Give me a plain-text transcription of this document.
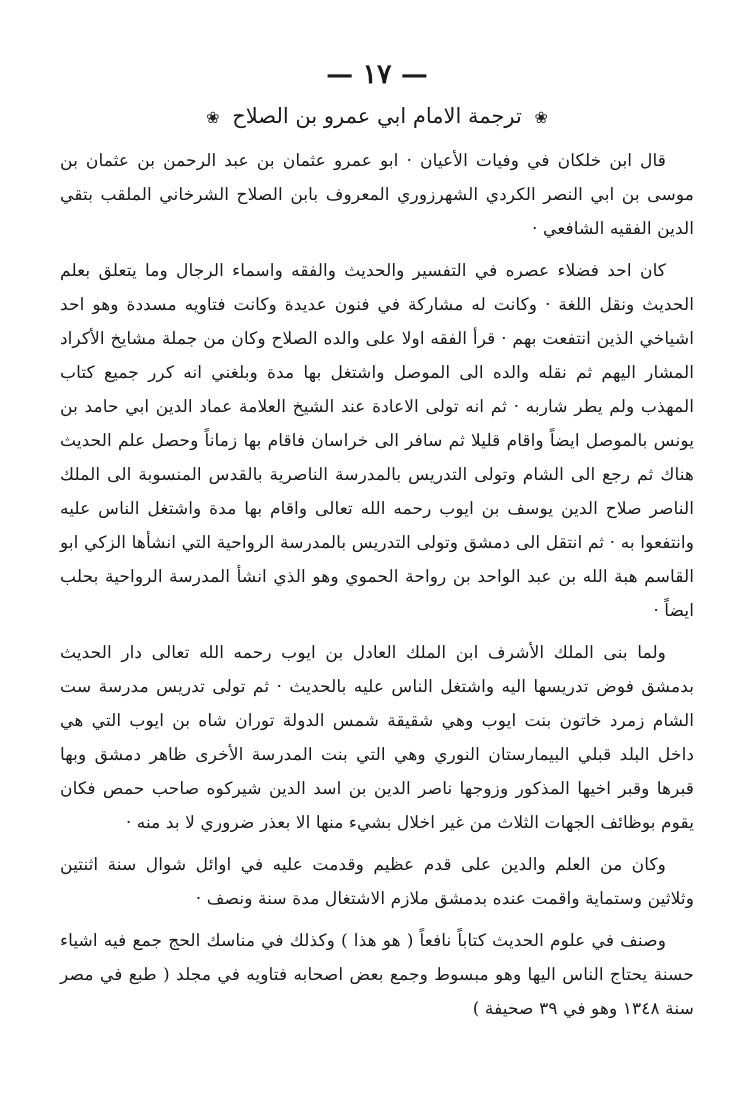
— ١٧ —
❀ ترجمة الامام ابي عمرو بن الصلاح ❀

قال ابن خلكان في وفيات الأعيان · ابو عمرو عثمان بن عبد الرحمن بن عثمان بن موسى بن ابي النصر الكردي الشهرزوري المعروف بابن الصلاح الشرخاني الملقب بتقي الدين الفقيه الشافعي ·

كان احد فضلاء عصره في التفسير والحديث والفقه واسماء الرجال وما يتعلق بعلم الحديث ونقل اللغة · وكانت له مشاركة في فنون عديدة وكانت فتاويه مسددة وهو احد اشياخي الذين انتفعت بهم · قرأ الفقه اولا على والده الصلاح وكان من جملة مشايخ الأكراد المشار اليهم ثم نقله والده الى الموصل واشتغل بها مدة وبلغني انه كرر جميع كتاب المهذب ولم يطر شاربه · ثم انه تولى الاعادة عند الشيخ العلامة عماد الدين ابي حامد بن يونس بالموصل ايضاً واقام قليلا ثم سافر الى خراسان فاقام بها زماناً وحصل علم الحديث هناك ثم رجع الى الشام وتولى التدريس بالمدرسة الناصرية بالقدس المنسوبة الى الملك الناصر صلاح الدين يوسف بن ايوب رحمه الله تعالى واقام بها مدة واشتغل الناس عليه وانتفعوا به · ثم انتقل الى دمشق وتولى التدريس بالمدرسة الرواحية التي انشأها الزكي ابو القاسم هبة الله بن عبد الواحد بن رواحة الحموي وهو الذي انشأ المدرسة الرواحية بحلب ايضاً ·

ولما بنى الملك الأشرف ابن الملك العادل بن ايوب رحمه الله تعالى دار الحديث بدمشق فوض تدريسها اليه واشتغل الناس عليه بالحديث · ثم تولى تدريس مدرسة ست الشام زمرد خاتون بنت ايوب وهي شقيقة شمس الدولة توران شاه بن ايوب التي هي داخل البلد قبلي البيمارستان النوري وهي التي بنت المدرسة الأخرى ظاهر دمشق وبها قبرها وقبر اخيها المذكور وزوجها ناصر الدين بن اسد الدين شيركوه صاحب حمص فكان يقوم بوظائف الجهات الثلاث من غير اخلال بشيء منها الا بعذر ضروري لا بد منه ·

وكان من العلم والدين على قدم عظيم وقدمت عليه في اوائل شوال سنة اثنتين وثلاثين وستماية واقمت عنده بدمشق ملازم الاشتغال مدة سنة ونصف ·

وصنف في علوم الحديث كتاباً نافعاً ( هو هذا ) وكذلك في مناسك الحج جمع فيه اشياء حسنة يحتاج الناس اليها وهو مبسوط وجمع بعض اصحابه فتاويه في مجلد ( طبع في مصر سنة ١٣٤٨ وهو في ٣٩ صحيفة )
